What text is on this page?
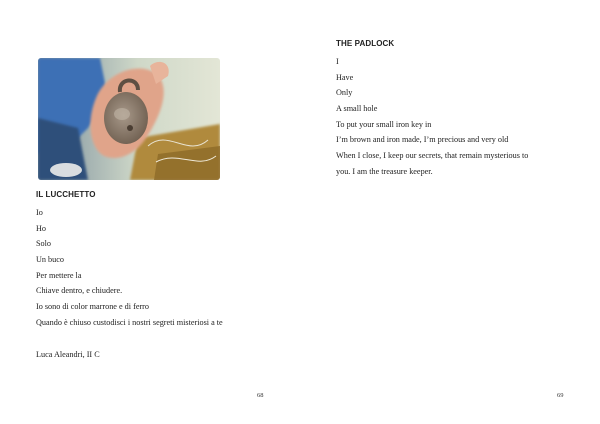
IL LUCCHETTO
Io
Ho
Solo
Un buco
Per mettere la
Chiave dentro, e chiudere.
Io sono di color marrone e di ferro
Quando è chiuso custodisci i nostri segreti misteriosi a te
Luca Aleandri, II C
68
THE PADLOCK
I
Have
Only
A small hole
To put your small iron key in
I’m brown and iron made, I’m precious and very old
When I close, I keep our secrets, that remain mysterious to
you. I am the treasure keeper.
69
